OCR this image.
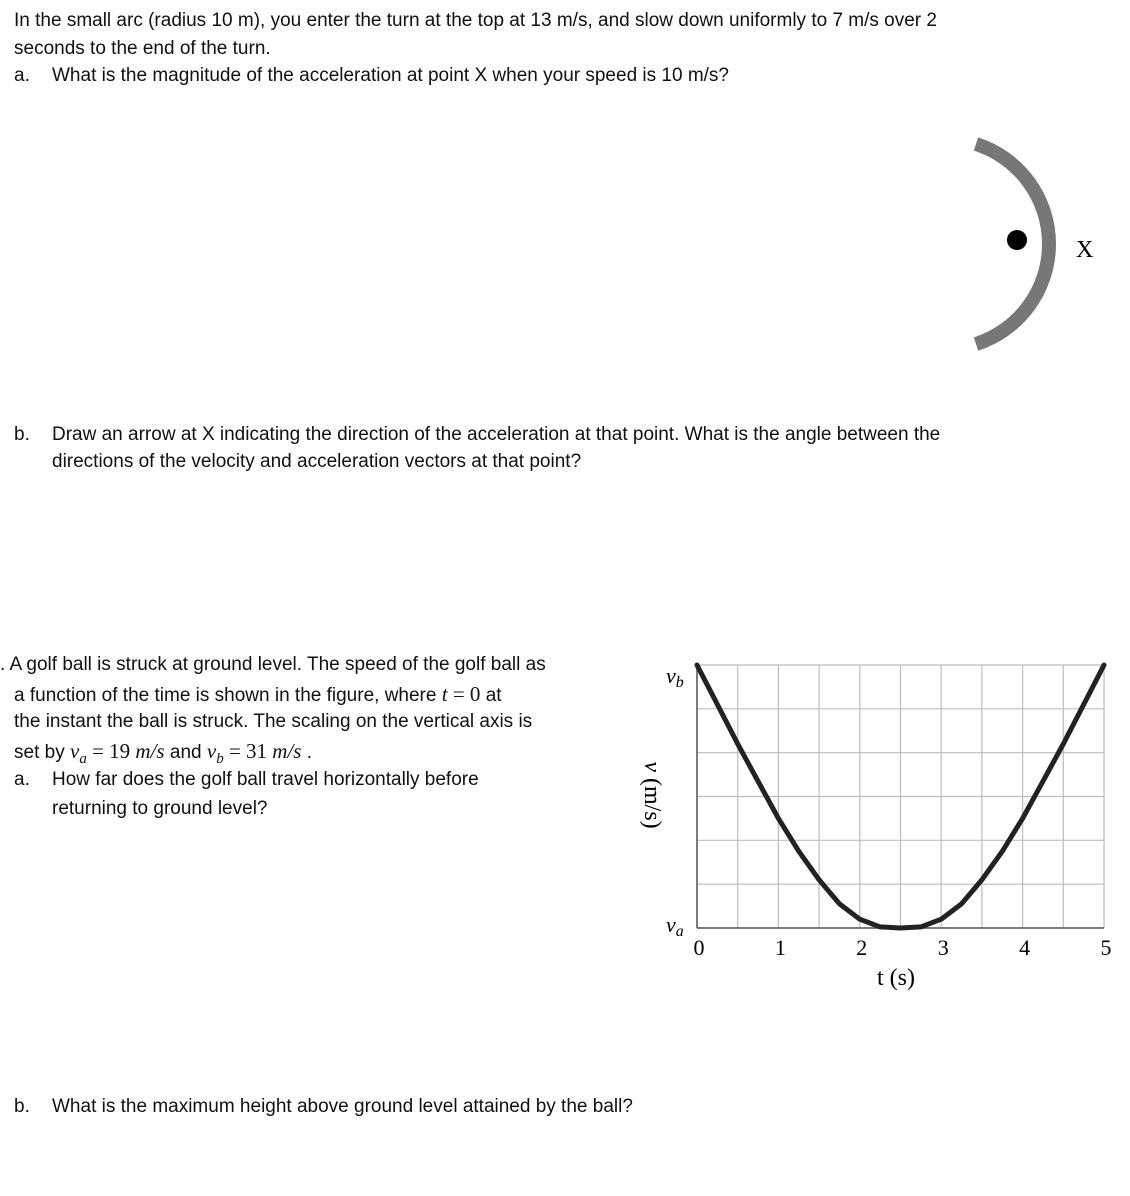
In the small arc (radius 10 m), you enter the turn at the top at 13 m/s, and slow down uniformly to 7 m/s over 2
seconds to the end of the turn.
a. What is the magnitude of the acceleration at point X when your speed is 10 m/s?
X
b. Draw an arrow at X indicating the direction of the acceleration at that point. What is the angle between the
directions of the velocity and acceleration vectors at that point?
. A golf ball is struck at ground level. The speed of the golf ball as
a function of the time is shown in the figure, where t = 0 at
the instant the ball is struck. The scaling on the vertical axis is
set by $v_a = 19$ m/s and $v_b = 31$ m/s .
a. How far does the golf ball travel horizontally before
returning to ground level?
0	1	2	3	4	5
v (m/s)
vb
va
t (s)
b. What is the maximum height above ground level attained by the ball?
